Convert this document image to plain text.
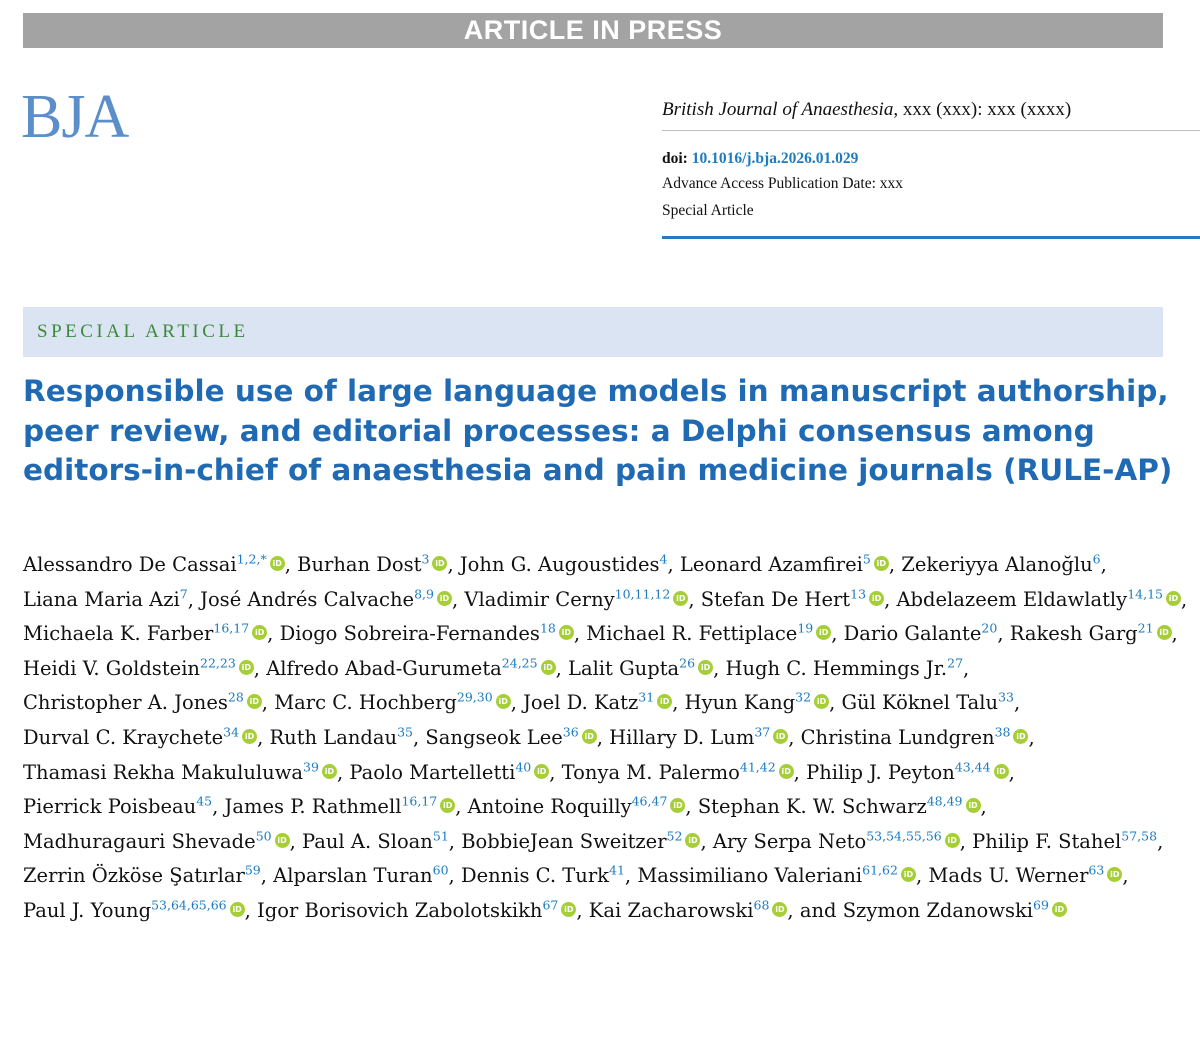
ARTICLE IN PRESS
BJA	British Journal of Anaesthesia, xxx (xxx): xxx (xxxx)
doi: 10.1016/j.bja.2026.01.029
Advance Access Publication Date: xxx
Special Article
SPECIAL ARTICLE
Responsible use of large language models in manuscript authorship, peer review, and editorial processes: a Delphi consensus among editors-in-chief of anaesthesia and pain medicine journals (RULE-AP)

Alessandro De Cassai$^{1,2,*}$ iD , Burhan Dost$^3$ iD , John G. Augoustides$^4$, Leonard Azamfirei$^5$ iD , Zekeriyya Alanoğlu$^6$, Liana Maria Azi$^7$, José Andrés Calvache$^{8,9}$ iD , Vladimir Cerny$^{10,11,12}$ iD , Stefan De Hert$^{13}$ iD , Abdelazeem Eldawlatly$^{14,15}$ iD , Michaela K. Farber$^{16,17}$ iD , Diogo Sobreira-Fernandes$^{18}$ iD , Michael R. Fettiplace$^{19}$ iD , Dario Galante$^{20}$, Rakesh Garg$^{21}$ iD , Heidi V. Goldstein$^{22,23}$ iD , Alfredo Abad-Gurumeta$^{24,25}$ iD , Lalit Gupta$^{26}$ iD , Hugh C. Hemmings Jr.$^{27}$, Christopher A. Jones$^{28}$ iD , Marc C. Hochberg$^{29,30}$ iD , Joel D. Katz$^{31}$ iD , Hyun Kang$^{32}$ iD , Gül Köknel Talu$^{33}$, Durval C. Kraychete$^{34}$ iD , Ruth Landau$^{35}$, Sangseok Lee$^{36}$ iD , Hillary D. Lum$^{37}$ iD , Christina Lundgren$^{38}$ iD , Thamasi Rekha Makululuwa$^{39}$ iD , Paolo Martelletti$^{40}$ iD , Tonya M. Palermo$^{41,42}$ iD , Philip J. Peyton$^{43,44}$ iD , Pierrick Poisbeau$^{45}$, James P. Rathmell$^{16,17}$ iD , Antoine Roquilly$^{46,47}$ iD , Stephan K. W. Schwarz$^{48,49}$ iD , Madhuragauri Shevade$^{50}$ iD , Paul A. Sloan$^{51}$, BobbieJean Sweitzer$^{52}$ iD , Ary Serpa Neto$^{53,54,55,56}$ iD , Philip F. Stahel$^{57,58}$, Zerrin Özköse Şatırlar$^{59}$, Alparslan Turan$^{60}$, Dennis C. Turk$^{41}$, Massimiliano Valeriani$^{61,62}$ iD , Mads U. Werner$^{63}$ iD , Paul J. Young$^{53,64,65,66}$ iD , Igor Borisovich Zabolotskikh$^{67}$ iD , Kai Zacharowski$^{68}$ iD , and Szymon Zdanowski$^{69}$ iD
